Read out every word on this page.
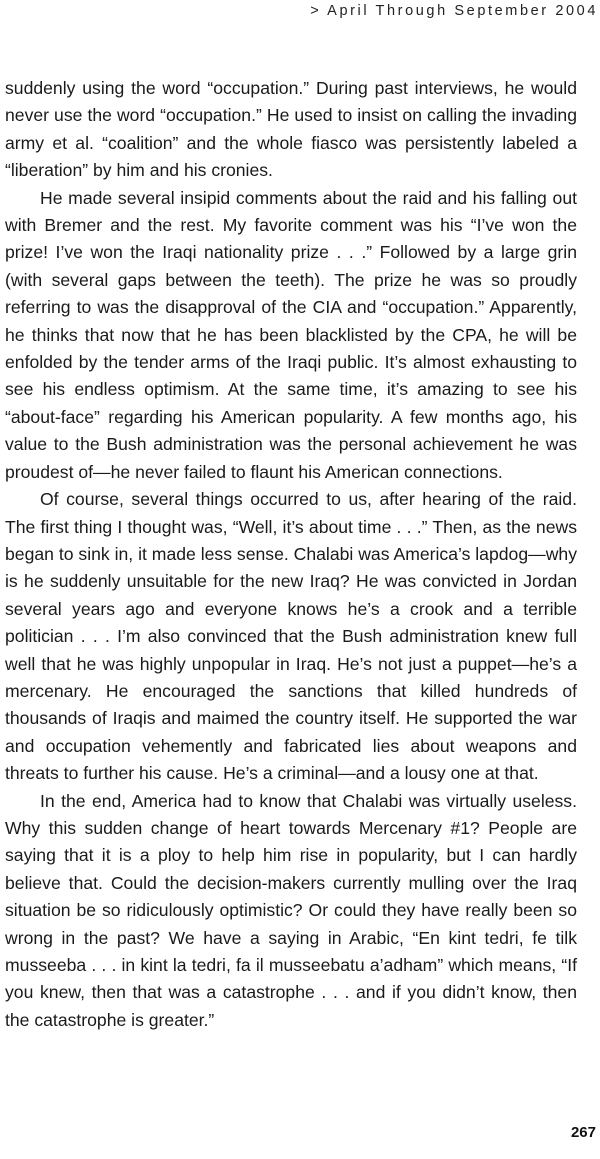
> April Through September 2004

suddenly using the word “occupation.” During past interviews, he would never use the word “occupation.” He used to insist on calling the invading army et al. “coalition” and the whole fiasco was persistently labeled a “liberation” by him and his cronies.

He made several insipid comments about the raid and his falling out with Bremer and the rest. My favorite comment was his “I’ve won the prize! I’ve won the Iraqi nationality prize . . .” Followed by a large grin (with several gaps between the teeth). The prize he was so proudly referring to was the disapproval of the CIA and “occupation.” Apparently, he thinks that now that he has been blacklisted by the CPA, he will be enfolded by the tender arms of the Iraqi public. It’s almost exhausting to see his endless optimism. At the same time, it’s amazing to see his “about-face” regarding his American popularity. A few months ago, his value to the Bush administration was the personal achievement he was proudest of—he never failed to flaunt his American connections.

Of course, several things occurred to us, after hearing of the raid. The first thing I thought was, “Well, it’s about time . . .” Then, as the news began to sink in, it made less sense. Chalabi was America’s lapdog—why is he suddenly unsuitable for the new Iraq? He was convicted in Jordan several years ago and everyone knows he’s a crook and a terrible politician . . . I’m also convinced that the Bush administration knew full well that he was highly unpopular in Iraq. He’s not just a puppet—he’s a mercenary. He encouraged the sanctions that killed hundreds of thousands of Iraqis and maimed the country itself. He supported the war and occupation vehemently and fabricated lies about weapons and threats to further his cause. He’s a criminal—and a lousy one at that.

In the end, America had to know that Chalabi was virtually useless. Why this sudden change of heart towards Mercenary #1? People are saying that it is a ploy to help him rise in popularity, but I can hardly believe that. Could the decision-makers currently mulling over the Iraq situation be so ridiculously optimistic? Or could they have really been so wrong in the past? We have a saying in Arabic, “En kint tedri, fe tilk musseeba . . . in kint la tedri, fa il musseebatu a’adham” which means, “If you knew, then that was a catastrophe . . . and if you didn’t know, then the catastrophe is greater.”

267
